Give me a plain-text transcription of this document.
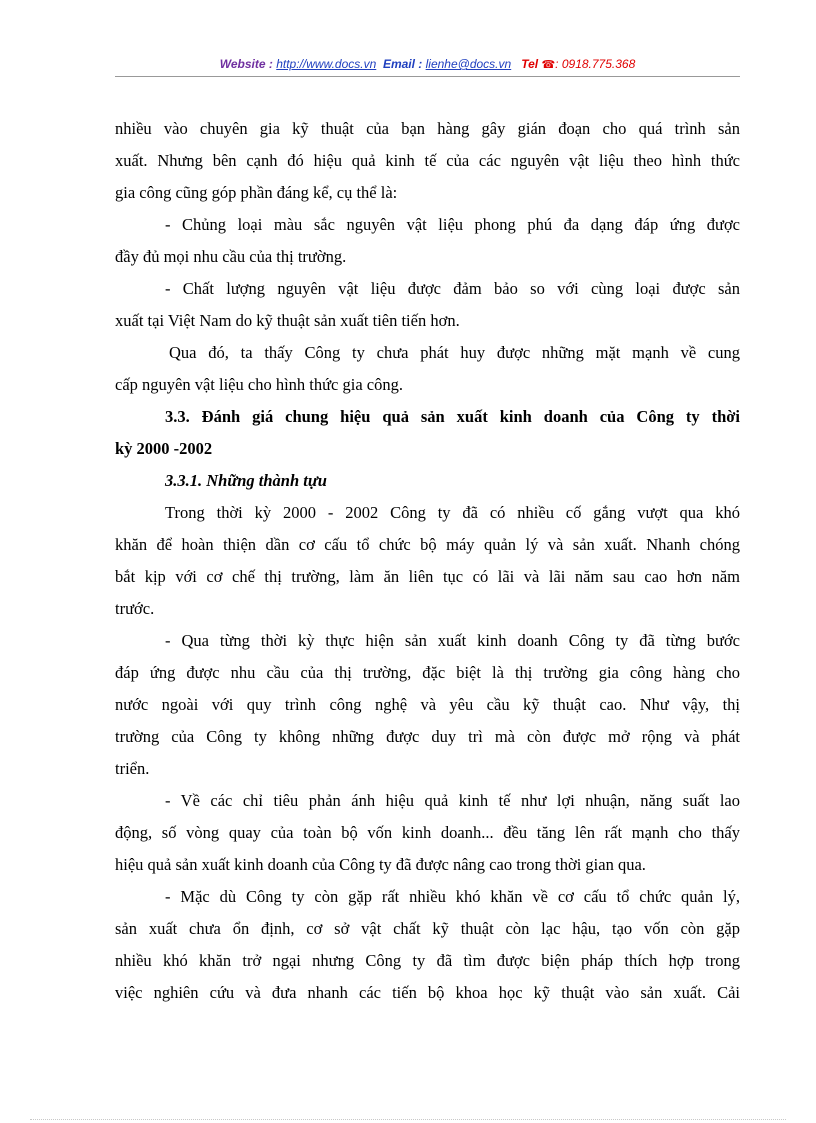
Website : http://www.docs.vn Email : lienhe@docs.vn Tel ☎: 0918.775.368
nhiều vào chuyên gia kỹ thuật của bạn hàng gây gián đoạn cho quá trình sản
xuất. Nhưng bên cạnh đó hiệu quả kinh tế của các nguyên vật liệu theo hình thức
gia công cũng góp phần đáng kể, cụ thể là:
- Chủng loại màu sắc nguyên vật liệu phong phú đa dạng đáp ứng được
đầy đủ mọi nhu cầu của thị trường.
- Chất lượng nguyên vật liệu được đảm bảo so với cùng loại được sản
xuất tại Việt Nam do kỹ thuật sản xuất tiên tiến hơn.
Qua đó, ta thấy Công ty chưa phát huy được những mặt mạnh về cung
cấp nguyên vật liệu cho hình thức gia công.
3.3. Đánh giá chung hiệu quả sản xuất kinh doanh của Công ty thời
kỳ 2000 -2002
3.3.1. Những thành tựu
Trong thời kỳ 2000 - 2002 Công ty đã có nhiều cố gắng vượt qua khó
khăn để hoàn thiện dần cơ cấu tổ chức bộ máy quản lý và sản xuất. Nhanh chóng
bắt kịp với cơ chế thị trường, làm ăn liên tục có lãi và lãi năm sau cao hơn năm
trước.
- Qua từng thời kỳ thực hiện sản xuất kinh doanh Công ty đã từng bước
đáp ứng được nhu cầu của thị trường, đặc biệt là thị trường gia công hàng cho
nước ngoài với quy trình công nghệ và yêu cầu kỹ thuật cao. Như vậy, thị
trường của Công ty không những được duy trì mà còn được mở rộng và phát
triển.
- Về các chỉ tiêu phản ánh hiệu quả kinh tế như lợi nhuận, năng suất lao
động, số vòng quay của toàn bộ vốn kinh doanh... đều tăng lên rất mạnh cho thấy
hiệu quả sản xuất kinh doanh của Công ty đã được nâng cao trong thời gian qua.
- Mặc dù Công ty còn gặp rất nhiều khó khăn về cơ cấu tổ chức quản lý,
sản xuất chưa ổn định, cơ sở vật chất kỹ thuật còn lạc hậu, tạo vốn còn gặp
nhiều khó khăn trở ngại nhưng Công ty đã tìm được biện pháp thích hợp trong
việc nghiên cứu và đưa nhanh các tiến bộ khoa học kỹ thuật vào sản xuất. Cải
